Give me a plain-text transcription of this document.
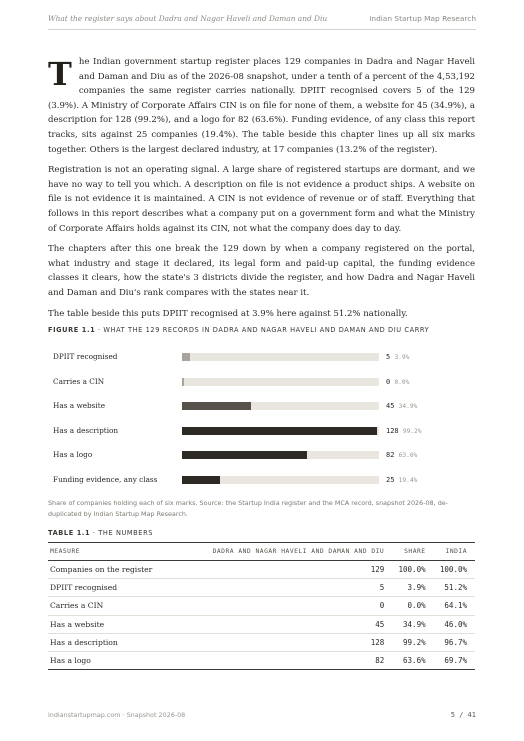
What the register says about Dadra and Nagar Haveli and Daman and Diu	Indian Startup Map Research

The Indian government startup register places 129 companies in Dadra and Nagar Haveli and Daman and Diu as of the 2026-08 snapshot, under a tenth of a percent of the 4,53,192 companies the same register carries nationally. DPIIT recognised covers 5 of the 129 (3.9%). A Ministry of Corporate Affairs CIN is on file for none of them, a website for 45 (34.9%), a description for 128 (99.2%), and a logo for 82 (63.6%). Funding evidence, of any class this report tracks, sits against 25 companies (19.4%). The table beside this chapter lines up all six marks together. Others is the largest declared industry, at 17 companies (13.2% of the register).

Registration is not an operating signal. A large share of registered startups are dormant, and we have no way to tell you which. A description on file is not evidence a product ships. A website on file is not evidence it is maintained. A CIN is not evidence of revenue or of staff. Everything that follows in this report describes what a company put on a government form and what the Ministry of Corporate Affairs holds against its CIN, not what the company does day to day.

The chapters after this one break the 129 down by when a company registered on the portal, what industry and stage it declared, its legal form and paid-up capital, the funding evidence classes it clears, how the state's 3 districts divide the register, and how Dadra and Nagar Haveli and Daman and Diu's rank compares with the states near it.

The table beside this puts DPIIT recognised at 3.9% here against 51.2% nationally.

FIGURE 1.1 · WHAT THE 129 RECORDS IN DADRA AND NAGAR HAVELI AND DAMAN AND DIU CARRY
DPIIT recognised	5 3.9%
Carries a CIN	0 0.0%
Has a website	45 34.9%
Has a description	128 99.2%
Has a logo	82 63.6%
Funding evidence, any class	25 19.4%
Share of companies holding each of six marks. Source: the Startup India register and the MCA record, snapshot 2026-08, de-duplicated by Indian Startup Map Research.
TABLE 1.1 · THE NUMBERS
MEASURE	DADRA AND NAGAR HAVELI AND DAMAN AND DIU	SHARE	INDIA
Companies on the register	129	100.0%	100.0%
DPIIT recognised	5	3.9%	51.2%
Carries a CIN	0	0.0%	64.1%
Has a website	45	34.9%	46.0%
Has a description	128	99.2%	96.7%
Has a logo	82	63.6%	69.7%
indianstartupmap.com · Snapshot 2026-08	5 / 41
